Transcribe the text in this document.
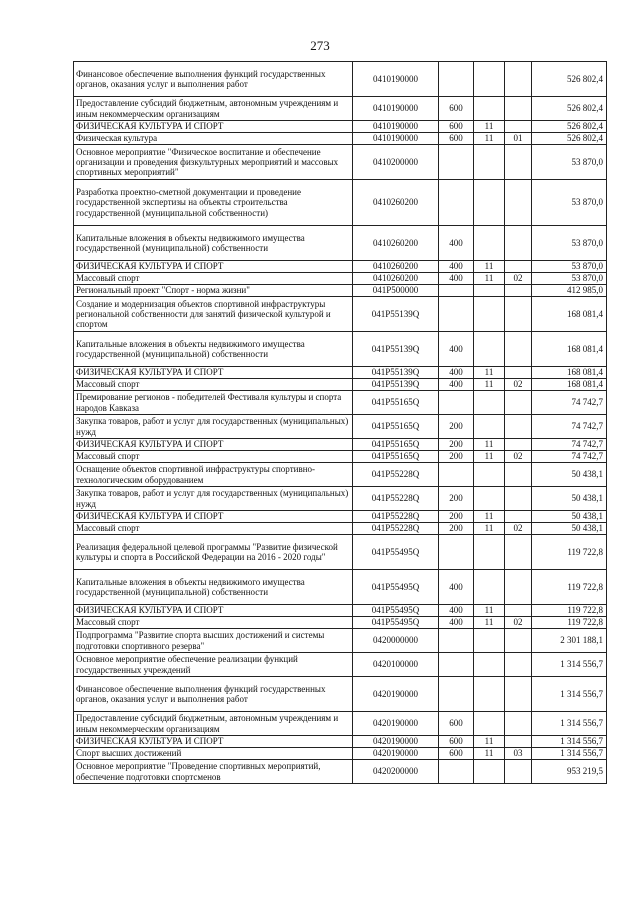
273
Финансовое обеспечение выполнения функций государственных органов, оказания услуг и выполнения работ	0410190000				526 802,4
Предоставление субсидий бюджетным, автономным учреждениям и иным некоммерческим организациям	0410190000	600			526 802,4
ФИЗИЧЕСКАЯ КУЛЬТУРА И СПОРТ	0410190000	600	11		526 802,4
Физическая культура	0410190000	600	11	01	526 802,4
Основное мероприятие "Физическое воспитание и обеспечение организации и проведения физкультурных мероприятий и массовых спортивных мероприятий"	0410200000				53 870,0
Разработка проектно-сметной документации и проведение государственной экспертизы на объекты строительства государственной (муниципальной собственности)	0410260200				53 870,0
Капитальные вложения в объекты недвижимого имущества государственной (муниципальной) собственности	0410260200	400			53 870,0
ФИЗИЧЕСКАЯ КУЛЬТУРА И СПОРТ	0410260200	400	11		53 870,0
Массовый спорт	0410260200	400	11	02	53 870,0
Региональный проект "Спорт - норма жизни"	041P500000				412 985,0
Создание и модернизация объектов спортивной инфраструктуры региональной собственности для занятий физической культурой и спортом	041P55139Q				168 081,4
Капитальные вложения в объекты недвижимого имущества государственной (муниципальной) собственности	041P55139Q	400			168 081,4
ФИЗИЧЕСКАЯ КУЛЬТУРА И СПОРТ	041P55139Q	400	11		168 081,4
Массовый спорт	041P55139Q	400	11	02	168 081,4
Премирование регионов - победителей Фестиваля культуры и спорта народов Кавказа	041P55165Q				74 742,7
Закупка товаров, работ и услуг для государственных (муниципальных) нужд	041P55165Q	200			74 742,7
ФИЗИЧЕСКАЯ КУЛЬТУРА И СПОРТ	041P55165Q	200	11		74 742,7
Массовый спорт	041P55165Q	200	11	02	74 742,7
Оснащение объектов спортивной инфраструктуры спортивно-технологическим оборудованием	041P55228Q				50 438,1
Закупка товаров, работ и услуг для государственных (муниципальных) нужд	041P55228Q	200			50 438,1
ФИЗИЧЕСКАЯ КУЛЬТУРА И СПОРТ	041P55228Q	200	11		50 438,1
Массовый спорт	041P55228Q	200	11	02	50 438,1
Реализация федеральной целевой программы "Развитие физической культуры и спорта в Российской Федерации на 2016 - 2020 годы"	041P55495Q				119 722,8
Капитальные вложения в объекты недвижимого имущества государственной (муниципальной) собственности	041P55495Q	400			119 722,8
ФИЗИЧЕСКАЯ КУЛЬТУРА И СПОРТ	041P55495Q	400	11		119 722,8
Массовый спорт	041P55495Q	400	11	02	119 722,8
Подпрограмма "Развитие спорта высших достижений и системы подготовки спортивного резерва"	0420000000				2 301 188,1
Основное мероприятие обеспечение реализации функций государственных учреждений	0420100000				1 314 556,7
Финансовое обеспечение выполнения функций государственных органов, оказания услуг и выполнения работ	0420190000				1 314 556,7
Предоставление субсидий бюджетным, автономным учреждениям и иным некоммерческим организациям	0420190000	600			1 314 556,7
ФИЗИЧЕСКАЯ КУЛЬТУРА И СПОРТ	0420190000	600	11		1 314 556,7
Спорт высших достижений	0420190000	600	11	03	1 314 556,7
Основное мероприятие "Проведение спортивных мероприятий, обеспечение подготовки спортсменов	0420200000				953 219,5
